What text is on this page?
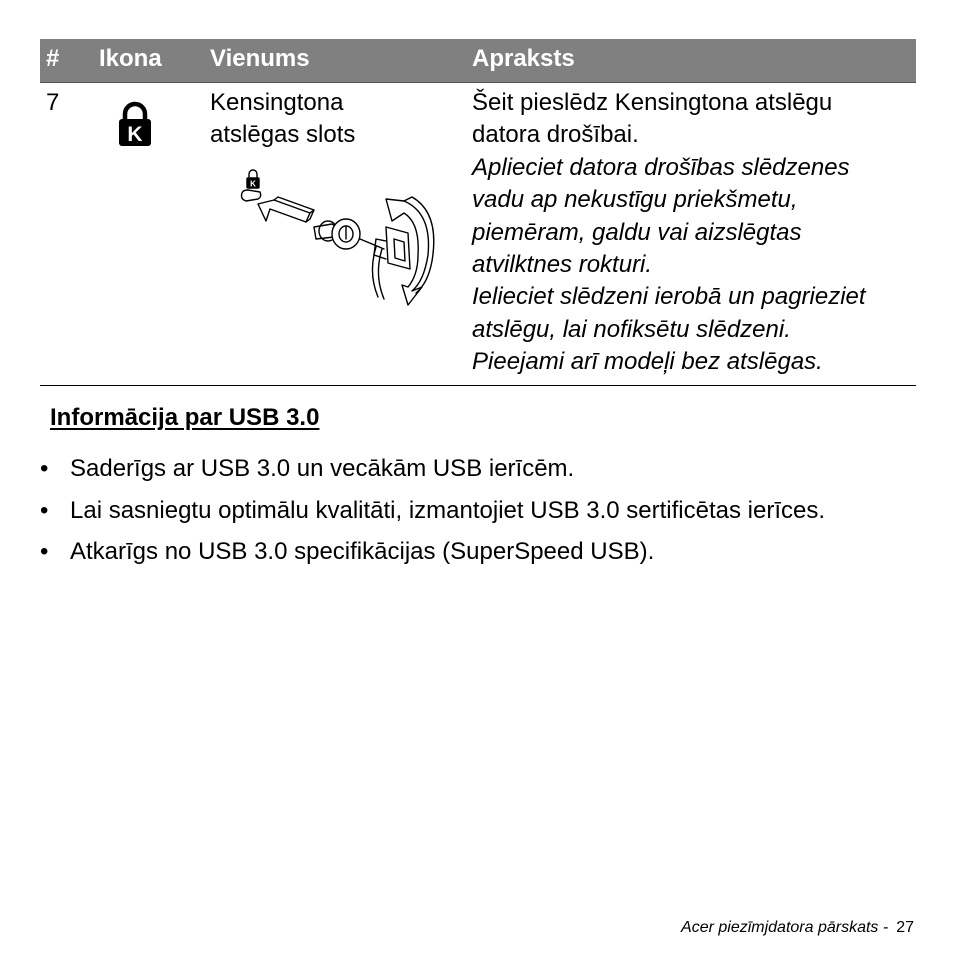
# Ikona Vienums	Apraksts
7
K
Kensingtona
atslēgas slots
K
Šeit pieslēdz Kensingtona atslēgu
datora drošībai.
Aplieciet datora drošības slēdzenes
vadu ap nekustīgu priekšmetu,
piemēram, galdu vai aizslēgtas
atvilktnes rokturi.
Ielieciet slēdzeni ierobā un pagrieziet
atslēgu, lai nofiksētu slēdzeni.
Pieejami arī modeļi bez atslēgas.
Informācija par USB 3.0
• Saderīgs ar USB 3.0 un vecākām USB ierīcēm.
• Lai sasniegtu optimālu kvalitāti, izmantojiet USB 3.0 sertificētas ierīces.
• Atkarīgs no USB 3.0 specifikācijas (SuperSpeed USB).
Acer piezīmjdatora pārskats - 27
